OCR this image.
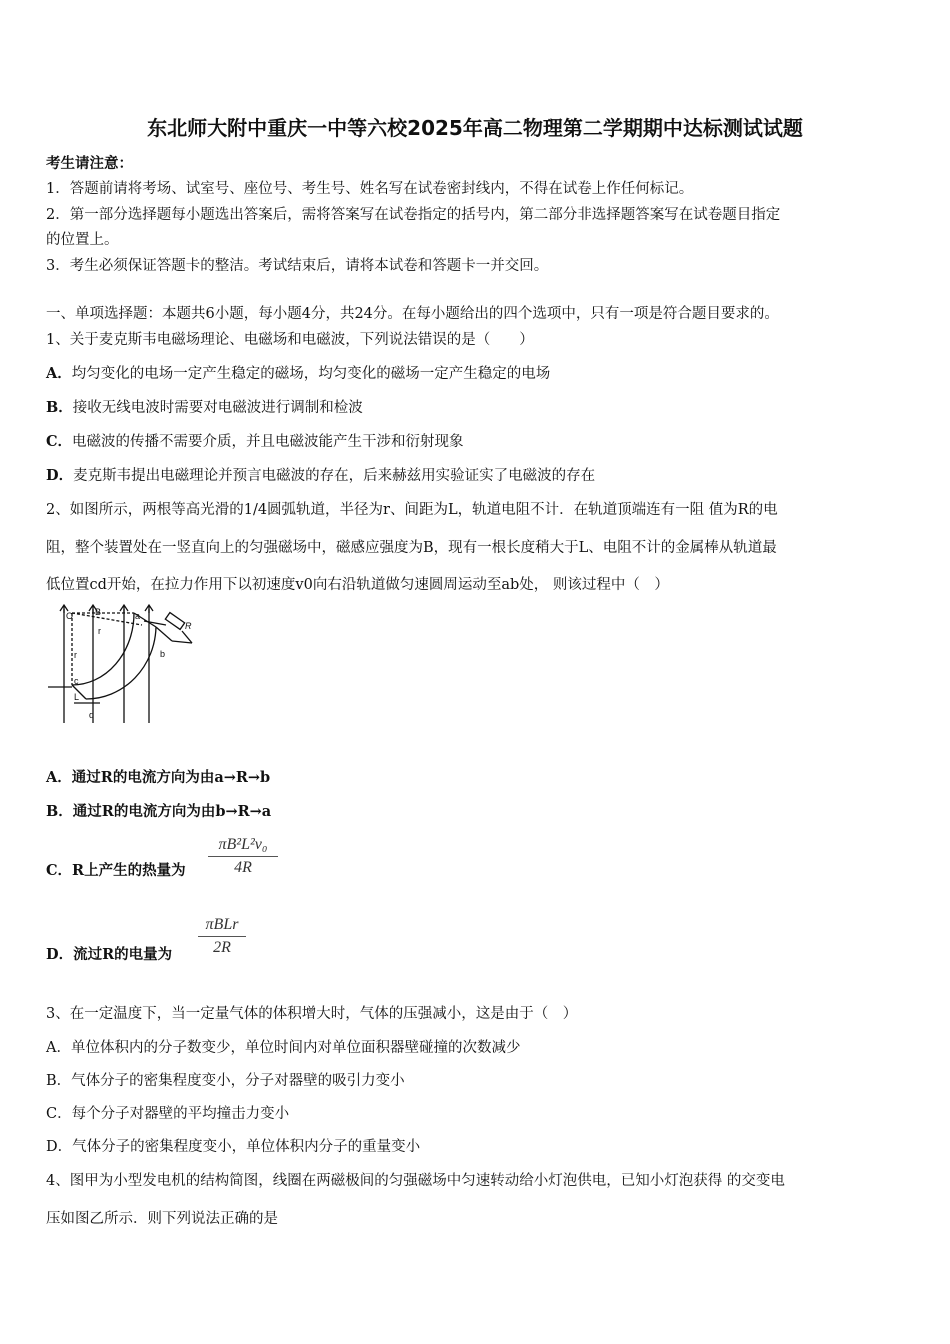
东北师大附中重庆一中等六校2025年高二物理第二学期期中达标测试试题
考生请注意：
1．答题前请将考场、试室号、座位号、考生号、姓名写在试卷密封线内，不得在试卷上作任何标记。
2．第一部分选择题每小题选出答案后，需将答案写在试卷指定的括号内，第二部分非选择题答案写在试卷题目指定
的位置上。
3．考生必须保证答题卡的整洁。考试结束后，请将本试卷和答题卡一并交回。
一、单项选择题：本题共6小题，每小题4分，共24分。在每小题给出的四个选项中，只有一项是符合题目要求的。
1、关于麦克斯韦电磁场理论、电磁场和电磁波，下列说法错误的是（　　）
A．均匀变化的电场一定产生稳定的磁场，均匀变化的磁场一定产生稳定的电场
B．接收无线电波时需要对电磁波进行调制和检波
C．电磁波的传播不需要介质，并且电磁波能产生干涉和衍射现象
D．麦克斯韦提出电磁理论并预言电磁波的存在，后来赫兹用实验证实了电磁波的存在
2、如图所示，两根等高光滑的1/4圆弧轨道，半径为r、间距为L，轨道电阻不计．在轨道顶端连有一阻 值为R的电
阻，整个装置处在一竖直向上的匀强磁场中，磁感应强度为B，现有一根长度稍大于L、电阻不计的金属棒从轨道最
低位置cd开始，在拉力作用下以初速度v0向右沿轨道做匀速圆周运动至ab处， 则该过程中（　）
O B
r
a
R
b
r
c
L
d
A．通过R的电流方向为由a→R→b
B．通过R的电流方向为由b→R→a
C．R上产生的热量为
πB²L²v₀
4R
D．流过R的电量为
πBLr
2R
3、在一定温度下，当一定量气体的体积增大时，气体的压强减小，这是由于（　）
A．单位体积内的分子数变少，单位时间内对单位面积器壁碰撞的次数减少
B．气体分子的密集程度变小，分子对器壁的吸引力变小
C．每个分子对器壁的平均撞击力变小
D．气体分子的密集程度变小，单位体积内分子的重量变小
4、图甲为小型发电机的结构简图，线圈在两磁极间的匀强磁场中匀速转动给小灯泡供电，已知小灯泡获得 的交变电
压如图乙所示．则下列说法正确的是
